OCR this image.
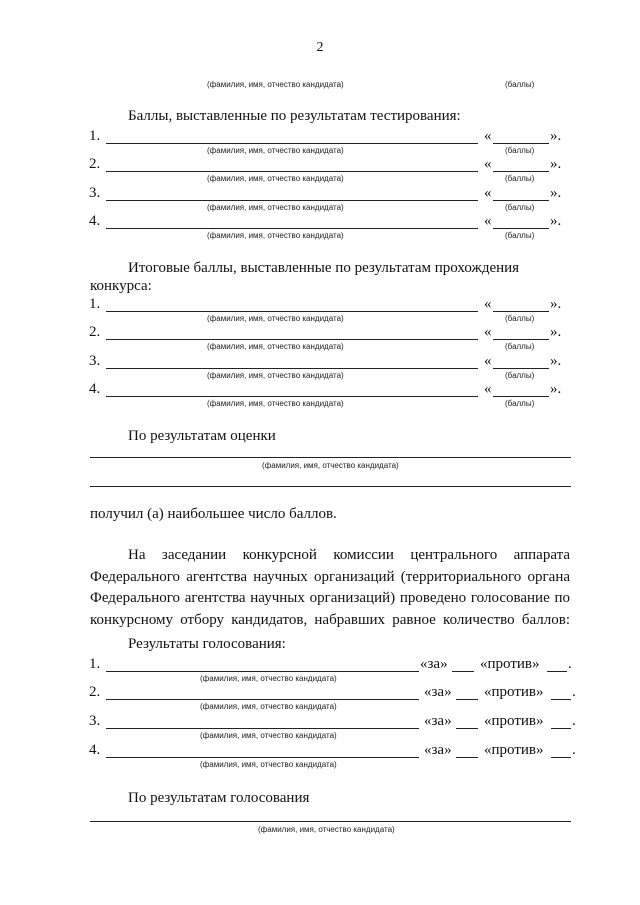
2
(фамилия, имя, отчество кандидата)	(баллы)
Баллы, выставленные по результатам тестирования:
1.	«	».
(фамилия, имя, отчество кандидата)	(баллы)
2.	«	».
(фамилия, имя, отчество кандидата)	(баллы)
3.	«	».
(фамилия, имя, отчество кандидата)	(баллы)
4.	«	».
(фамилия, имя, отчество кандидата)	(баллы)
Итоговые баллы, выставленные по результатам прохождения
конкурса:
1.	«	».
(фамилия, имя, отчество кандидата)	(баллы)
2.	«	».
(фамилия, имя, отчество кандидата)	(баллы)
3.	«	».
(фамилия, имя, отчество кандидата)	(баллы)
4.	«	».
(фамилия, имя, отчество кандидата)	(баллы)
По результатам оценки
(фамилия, имя, отчество кандидата)
получил (а) наибольшее число баллов.
На заседании конкурсной комиссии центрального аппарата
Федерального агентства научных организаций (территориального органа
Федерального агентства научных организаций) проведено голосование по
конкурсному отбору кандидатов, набравших равное количество баллов:
Результаты голосования:
1.	«за» «против» .
(фамилия, имя, отчество кандидата)
2.	«за» «против» .
(фамилия, имя, отчество кандидата)
3.	«за» «против» .
(фамилия, имя, отчество кандидата)
4.	«за» «против» .
(фамилия, имя, отчество кандидата)
По результатам голосования
(фамилия, имя, отчество кандидата)
